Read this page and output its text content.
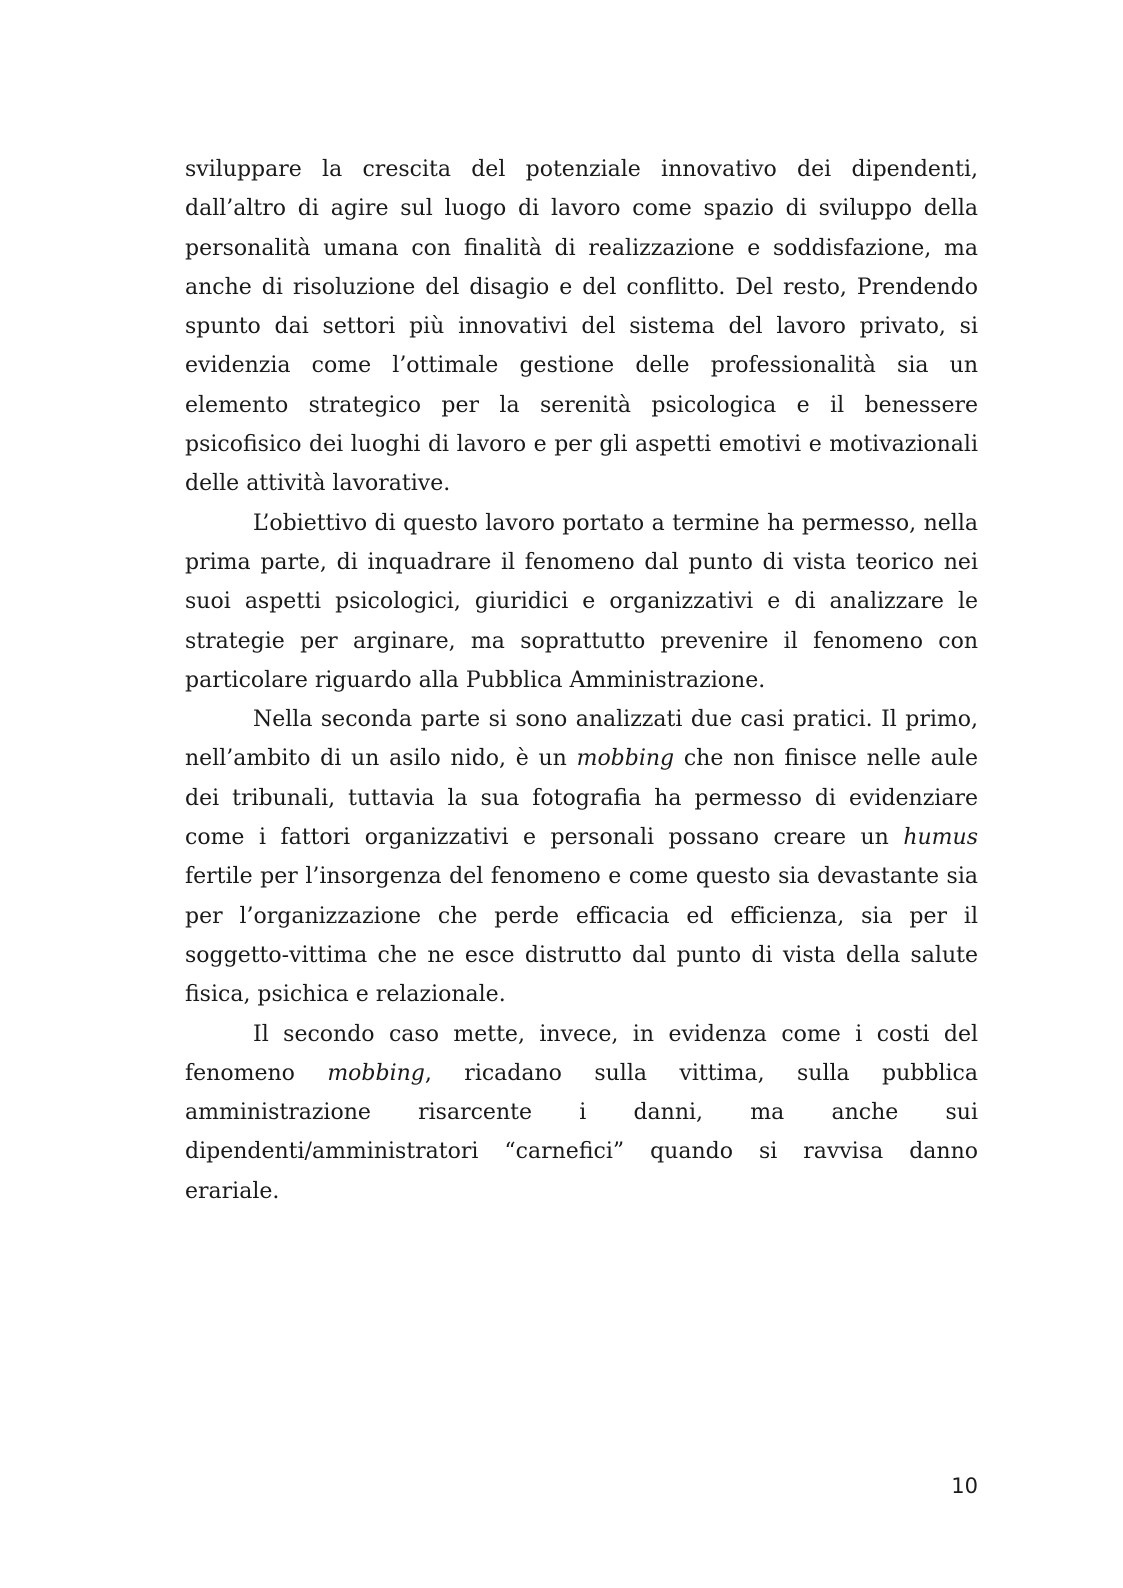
sviluppare la crescita del potenziale innovativo dei dipendenti, dall’altro di agire sul luogo di lavoro come spazio di sviluppo della personalità umana con finalità di realizzazione e soddisfazione, ma anche di risoluzione del disagio e del conflitto. Del resto, Prendendo spunto dai settori più innovativi del sistema del lavoro privato, si evidenzia come l’ottimale gestione delle professionalità sia un elemento strategico per la serenità psicologica e il benessere psicofisico dei luoghi di lavoro e per gli aspetti emotivi e motivazionali delle attività lavorative.

L’obiettivo di questo lavoro portato a termine ha permesso, nella prima parte, di inquadrare il fenomeno dal punto di vista teorico nei suoi aspetti psicologici, giuridici e organizzativi e di analizzare le strategie per arginare, ma soprattutto prevenire il fenomeno con particolare riguardo alla Pubblica Amministrazione.

Nella seconda parte si sono analizzati due casi pratici. Il primo, nell’ambito di un asilo nido, è un mobbing che non finisce nelle aule dei tribunali, tuttavia la sua fotografia ha permesso di evidenziare come i fattori organizzativi e personali possano creare un humus fertile per l’insorgenza del fenomeno e come questo sia devastante sia per l’organizzazione che perde efficacia ed efficienza, sia per il soggetto-vittima che ne esce distrutto dal punto di vista della salute fisica, psichica e relazionale.

Il secondo caso mette, invece, in evidenza come i costi del fenomeno mobbing, ricadano sulla vittima, sulla pubblica amministrazione risarcente i danni, ma anche sui dipendenti/amministratori “carnefici” quando si ravvisa danno erariale.

10
